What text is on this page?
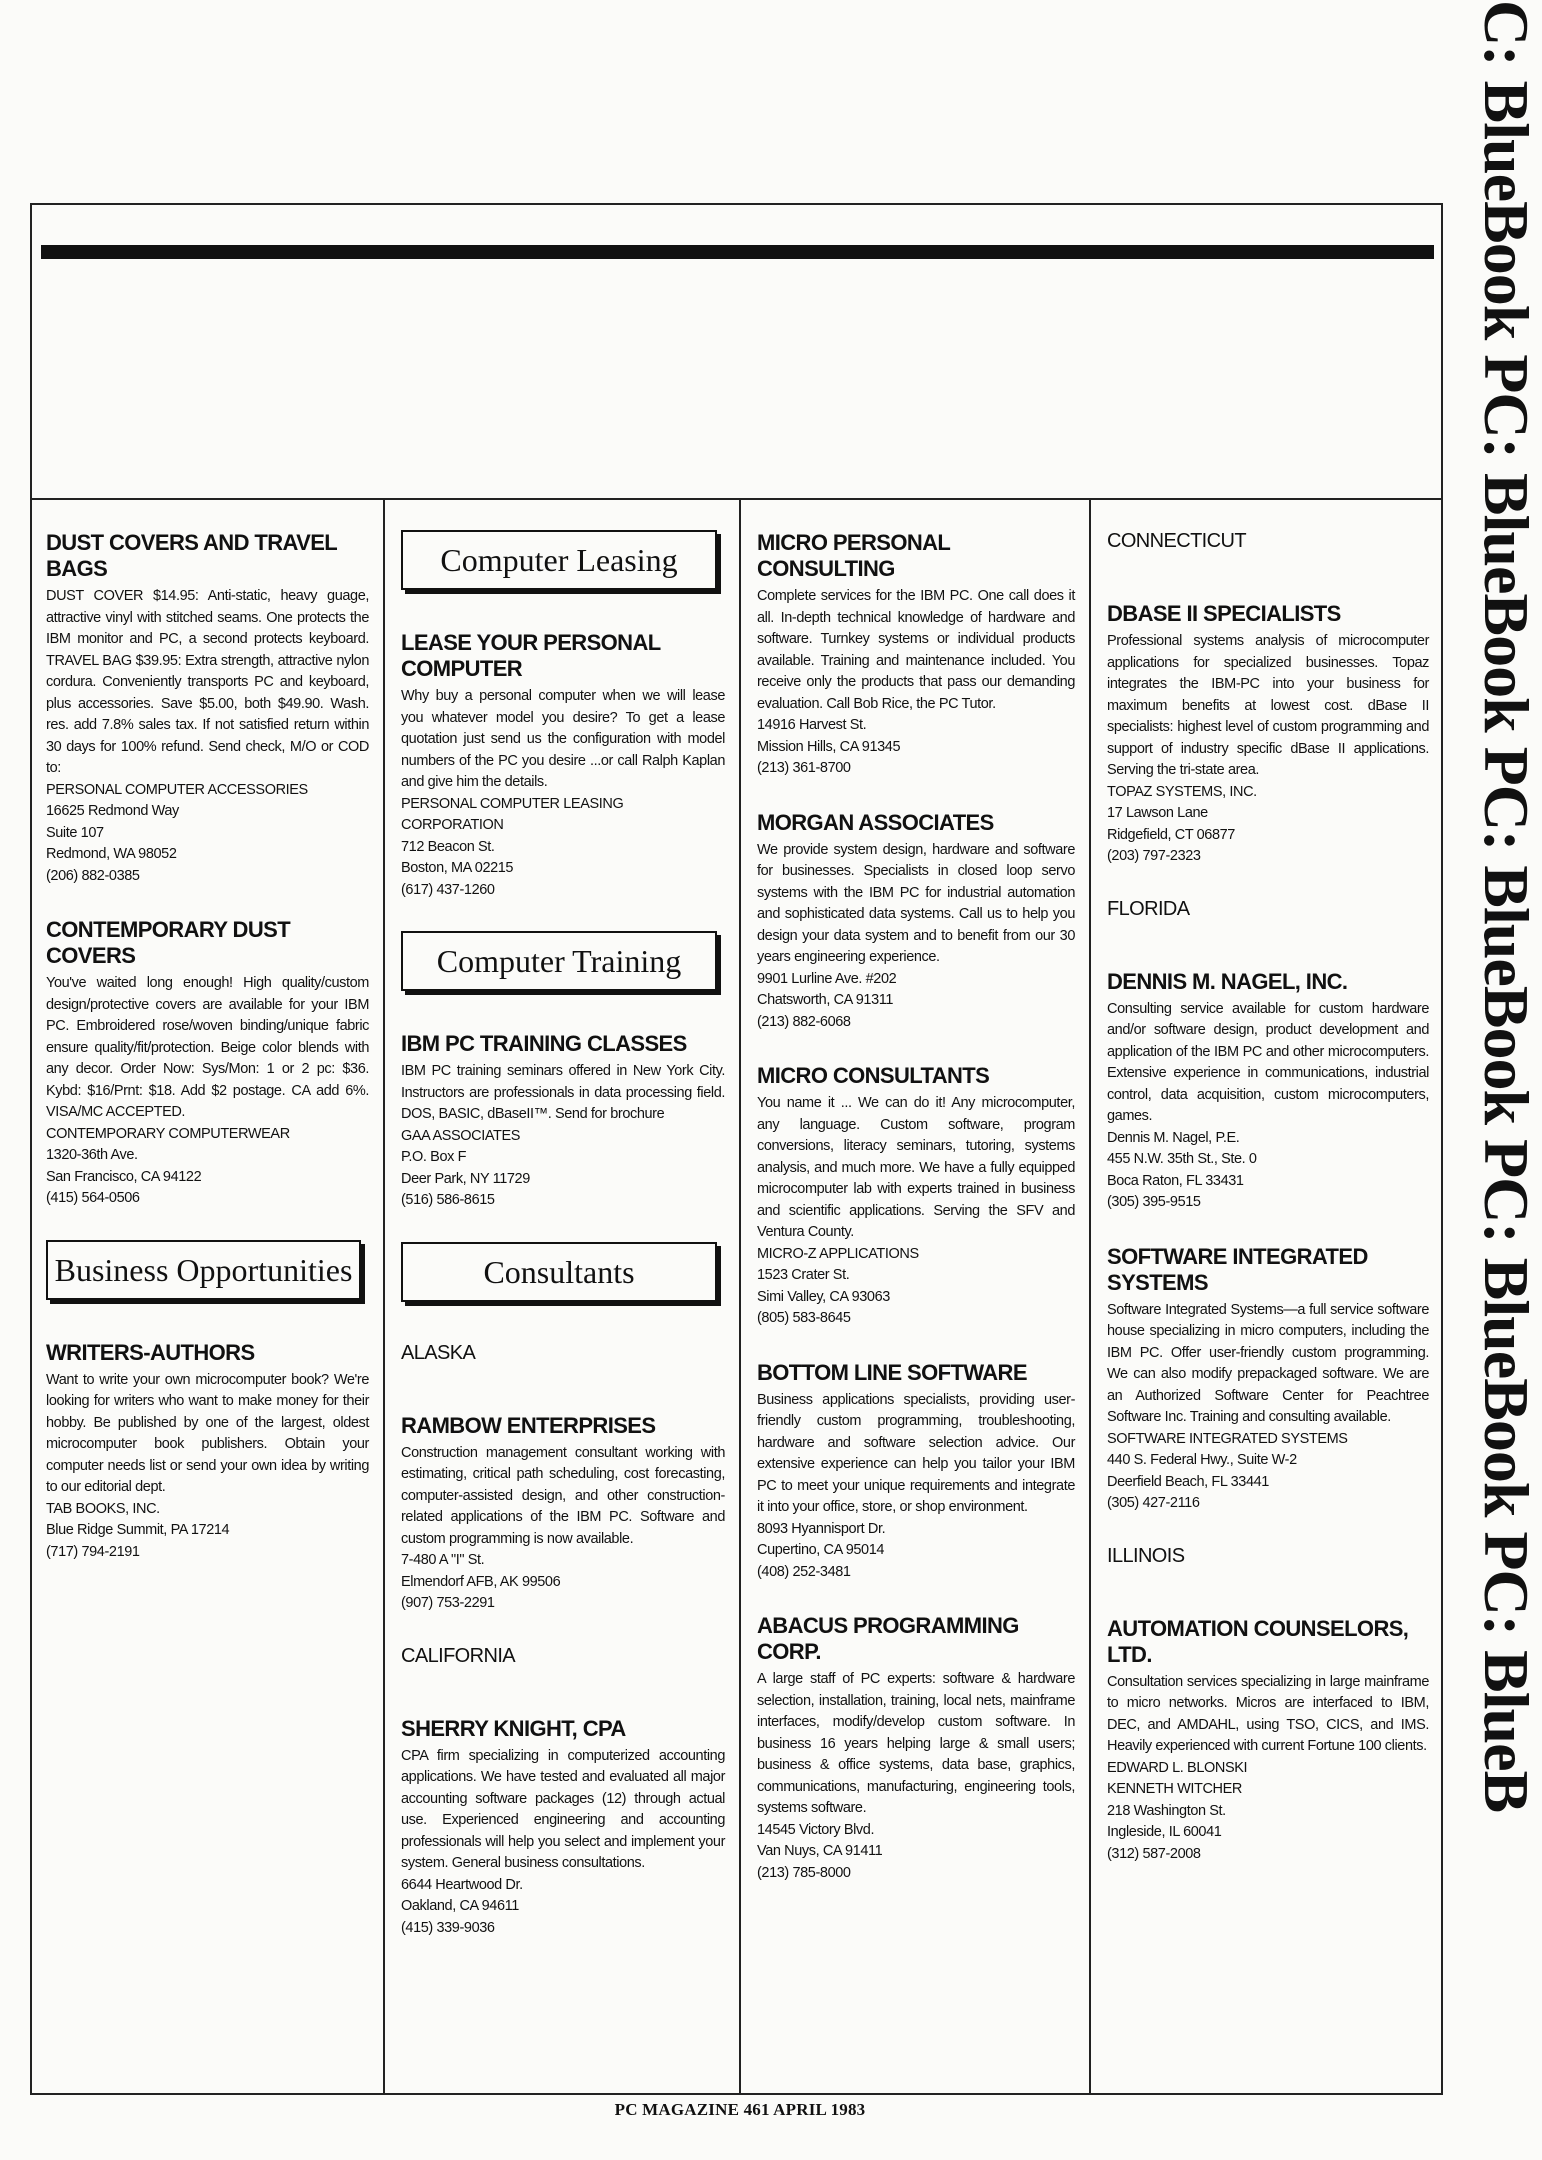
DUST COVERS AND TRAVEL BAGS

DUST COVER $14.95: Anti-static, heavy guage, attractive vinyl with stitched seams. One protects the IBM monitor and PC, a second protects keyboard. TRAVEL BAG $39.95: Extra strength, attractive nylon cordura. Conveniently transports PC and keyboard, plus accessories. Save $5.00, both $49.90. Wash. res. add 7.8% sales tax. If not satisfied return within 30 days for 100% refund. Send check, M/O or COD to:

PERSONAL COMPUTER ACCESSORIES
16625 Redmond Way
Suite 107
Redmond, WA 98052
(206) 882-0385
CONTEMPORARY DUST COVERS

You've waited long enough! High quality/custom design/protective covers are available for your IBM PC. Embroidered rose/woven binding/unique fabric ensure quality/fit/protection. Beige color blends with any decor. Order Now: Sys/Mon: 1 or 2 pc: $36. Kybd: $16/Prnt: $18. Add $2 postage. CA add 6%. VISA/MC ACCEPTED.

CONTEMPORARY COMPUTERWEAR
1320-36th Ave.
San Francisco, CA 94122
(415) 564-0506
Business Opportunities
WRITERS-AUTHORS

Want to write your own microcomputer book? We're looking for writers who want to make money for their hobby. Be published by one of the largest, oldest microcomputer book publishers. Obtain your computer needs list or send your own idea by writing to our editorial dept.

TAB BOOKS, INC.
Blue Ridge Summit, PA 17214
(717) 794-2191
Computer Leasing
LEASE YOUR PERSONAL COMPUTER

Why buy a personal computer when we will lease you whatever model you desire? To get a lease quotation just send us the configuration with model numbers of the PC you desire ...or call Ralph Kaplan and give him the details.

PERSONAL COMPUTER LEASING
CORPORATION
712 Beacon St.
Boston, MA 02215
(617) 437-1260
Computer Training
IBM PC TRAINING CLASSES

IBM PC training seminars offered in New York City. Instructors are professionals in data processing field. DOS, BASIC, dBaseII™. Send for brochure

GAA ASSOCIATES
P.O. Box F
Deer Park, NY 11729
(516) 586-8615
Consultants
ALASKA
RAMBOW ENTERPRISES

Construction management consultant working with estimating, critical path scheduling, cost forecasting, computer-assisted design, and other construction-related applications of the IBM PC. Software and custom programming is now available.

7-480 A "I" St.
Elmendorf AFB, AK 99506
(907) 753-2291
CALIFORNIA
SHERRY KNIGHT, CPA

CPA firm specializing in computerized accounting applications. We have tested and evaluated all major accounting software packages (12) through actual use. Experienced engineering and accounting professionals will help you select and implement your system. General business consultations.

6644 Heartwood Dr.
Oakland, CA 94611
(415) 339-9036
MICRO PERSONAL CONSULTING

Complete services for the IBM PC. One call does it all. In-depth technical knowledge of hardware and software. Turnkey systems or individual products available. Training and maintenance included. You receive only the products that pass our demanding evaluation. Call Bob Rice, the PC Tutor.

14916 Harvest St.
Mission Hills, CA 91345
(213) 361-8700
MORGAN ASSOCIATES

We provide system design, hardware and software for businesses. Specialists in closed loop servo systems with the IBM PC for industrial automation and sophisticated data systems. Call us to help you design your data system and to benefit from our 30 years engineering experience.

9901 Lurline Ave. #202
Chatsworth, CA 91311
(213) 882-6068
MICRO CONSULTANTS

You name it ... We can do it! Any microcomputer, any language. Custom software, program conversions, literacy seminars, tutoring, systems analysis, and much more. We have a fully equipped microcomputer lab with experts trained in business and scientific applications. Serving the SFV and Ventura County.

MICRO-Z APPLICATIONS
1523 Crater St.
Simi Valley, CA 93063
(805) 583-8645
BOTTOM LINE SOFTWARE

Business applications specialists, providing user-friendly custom programming, troubleshooting, hardware and software selection advice. Our extensive experience can help you tailor your IBM PC to meet your unique requirements and integrate it into your office, store, or shop environment.

8093 Hyannisport Dr.
Cupertino, CA 95014
(408) 252-3481
ABACUS PROGRAMMING CORP.

A large staff of PC experts: software & hardware selection, installation, training, local nets, mainframe interfaces, modify/develop custom software. In business 16 years helping large & small users; business & office systems, data base, graphics, communications, manufacturing, engineering tools, systems software.

14545 Victory Blvd.
Van Nuys, CA 91411
(213) 785-8000
CONNECTICUT
DBASE II SPECIALISTS

Professional systems analysis of microcomputer applications for specialized businesses. Topaz integrates the IBM-PC into your business for maximum benefits at lowest cost. dBase II specialists: highest level of custom programming and support of industry specific dBase II applications. Serving the tri-state area.

TOPAZ SYSTEMS, INC.
17 Lawson Lane
Ridgefield, CT 06877
(203) 797-2323
FLORIDA
DENNIS M. NAGEL, INC.

Consulting service available for custom hardware and/or software design, product development and application of the IBM PC and other microcomputers. Extensive experience in communications, industrial control, data acquisition, custom microcomputers, games.

Dennis M. Nagel, P.E.
455 N.W. 35th St., Ste. 0
Boca Raton, FL 33431
(305) 395-9515
SOFTWARE INTEGRATED SYSTEMS

Software Integrated Systems—a full service software house specializing in micro computers, including the IBM PC. Offer user-friendly custom programming. We can also modify prepackaged software. We are an Authorized Software Center for Peachtree Software Inc. Training and consulting available.

SOFTWARE INTEGRATED SYSTEMS
440 S. Federal Hwy., Suite W-2
Deerfield Beach, FL 33441
(305) 427-2116
ILLINOIS
AUTOMATION COUNSELORS, LTD.

Consultation services specializing in large mainframe to micro networks. Micros are interfaced to IBM, DEC, and AMDAHL, using TSO, CICS, and IMS. Heavily experienced with current Fortune 100 clients.

EDWARD L. BLONSKI
KENNETH WITCHER
218 Washington St.
Ingleside, IL 60041
(312) 587-2008
C: BlueBook PC: BlueBook PC: BlueBook PC: BlueBook PC: BlueB
PC MAGAZINE 461 APRIL 1983
